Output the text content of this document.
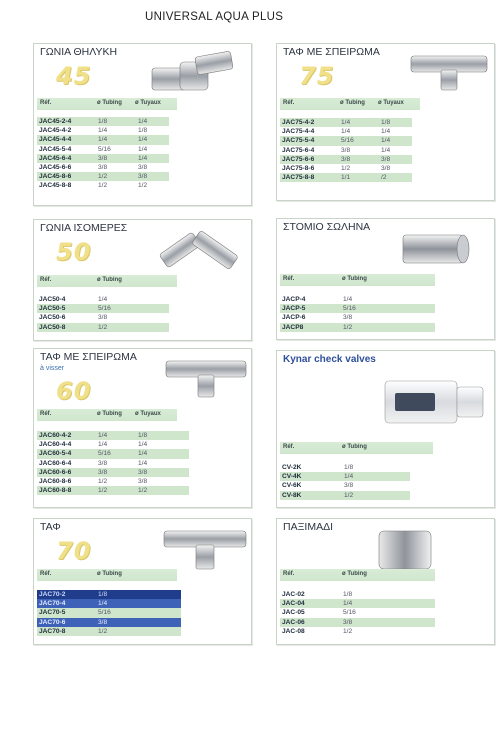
UNIVERSAL AQUA PLUS
ΓΩΝΙΑ ΘΗΛΥΚΗ
45
Réf.	ø Tubing ø Tuyaux
JAC45-2-4	1/8	1/4
JAC45-4-2	1/4	1/8
JAC45-4-4	1/4	1/4
JAC45-5-4	5/16	1/4
JAC45-6-4	3/8	1/4
JAC45-6-6	3/8	3/8
JAC45-8-6	1/2	3/8
JAC45-8-8	1/2	1/2
ΤΑΦ ΜΕ ΣΠΕΙΡΩΜΑ
75
Réf.	ø Tubing ø Tuyaux
JAC75-4-2	1/4	1/8
JAC75-4-4	1/4	1/4
JAC75-5-4	5/16	1/4
JAC75-6-4	3/8	1/4
JAC75-6-6	3/8	3/8
JAC75-8-6	1/2	3/8
JAC75-8-8	1/1	/2
ΓΩΝΙΑ ΙΣΟΜΕΡΕΣ
50
Réf.	ø Tubing
JAC50-4	1/4
JAC50-5	5/16
JAC50-6	3/8
JAC50-8	1/2
ΣΤΟΜΙΟ ΣΩΛΗΝΑ
Réf.	ø Tubing
JACP-4	1/4
JACP-5	5/16
JACP-6	3/8
JACP8	1/2
ΤΑΦ ΜΕ ΣΠΕΙΡΩΜΑ
à visser
60
Réf.	ø Tubing ø Tuyaux
JAC60-4-2	1/4	1/8
JAC60-4-4	1/4	1/4
JAC60-5-4	5/16	1/4
JAC60-6-4	3/8	1/4
JAC60-6-6	3/8	3/8
JAC60-8-6	1/2	3/8
JAC60-8-8	1/2	1/2
Kynar check valves
Réf.	ø Tubing
CV-2K	1/8
CV-4K	1/4
CV-6K	3/8
CV-8K	1/2
ΤΑΦ
70
Réf.	ø Tubing
JAC70-2	1/8
JAC70-4	1/4
JAC70-5	5/16
JAC70-6	3/8
JAC70-8	1/2
ΠΑΞΙΜΑΔΙ
Réf.	ø Tubing
JAC-02	1/8
JAC-04	1/4
JAC-05	5/16
JAC-06	3/8
JAC-08	1/2
